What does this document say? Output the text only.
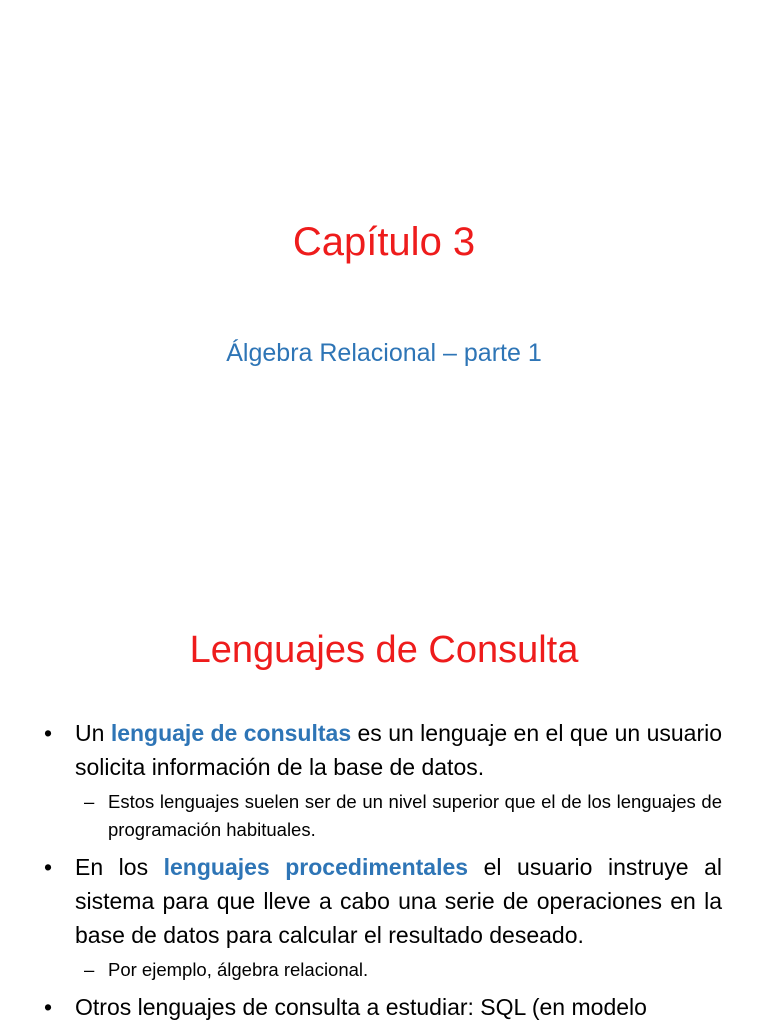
Capítulo 3
Álgebra Relacional – parte 1
Lenguajes de Consulta
• Un lenguaje de consultas es un lenguaje en el que un usuario solicita información de la base de datos.
– Estos lenguajes suelen ser de un nivel superior que el de los lenguajes de programación habituales.
• En los lenguajes procedimentales el usuario instruye al sistema para que lleve a cabo una serie de operaciones en la base de datos para calcular el resultado deseado.
– Por ejemplo, álgebra relacional.
• Otros lenguajes de consulta a estudiar: SQL (en modelo
